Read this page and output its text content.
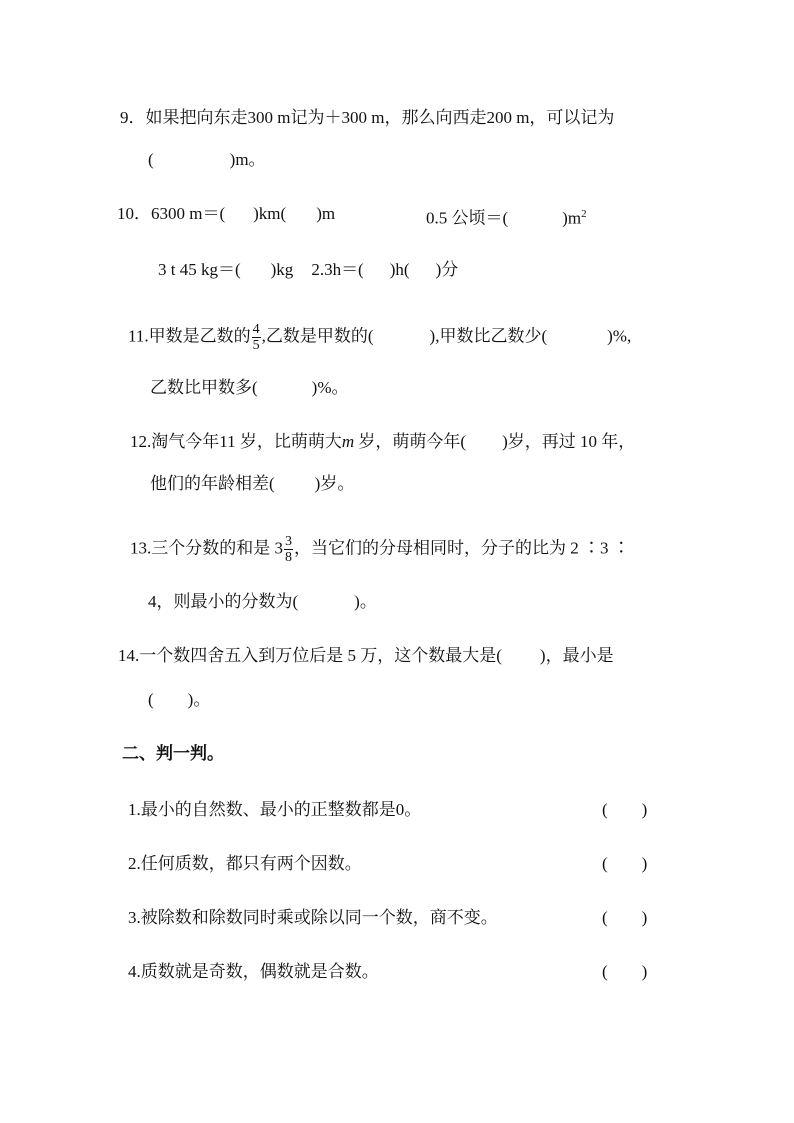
9．如果把向东走300 m记为＋300 m，那么向西走200 m，可以记为
(	)m。
10．6300 m＝( )km( )m	0.5 公顷＝(	)$m^2$
3 t 45 kg＝( )kg 2.3h＝( )h( )分
11.甲数是乙数的 $\frac{4}{5}$ ,乙数是甲数的(	),甲数比乙数少(	)%,
乙数比甲数多(	)%。
12.淘气今年11 岁，比萌萌大m 岁，萌萌今年( )岁，再过 10 年，
他们的年龄相差( )岁。
13.三个分数的和是 $3 \frac{3}{8}$ ，当它们的分母相同时，分子的比为 2 ∶3 ∶
4，则最小的分数为(	)。
14.一个数四舍五入到万位后是 5 万，这个数最大是( )，最小是
( )。
二、判一判。
1.最小的自然数、最小的正整数都是0。	( )
2.任何质数，都只有两个因数。	( )
3.被除数和除数同时乘或除以同一个数，商不变。	( )
4.质数就是奇数，偶数就是合数。	( )
